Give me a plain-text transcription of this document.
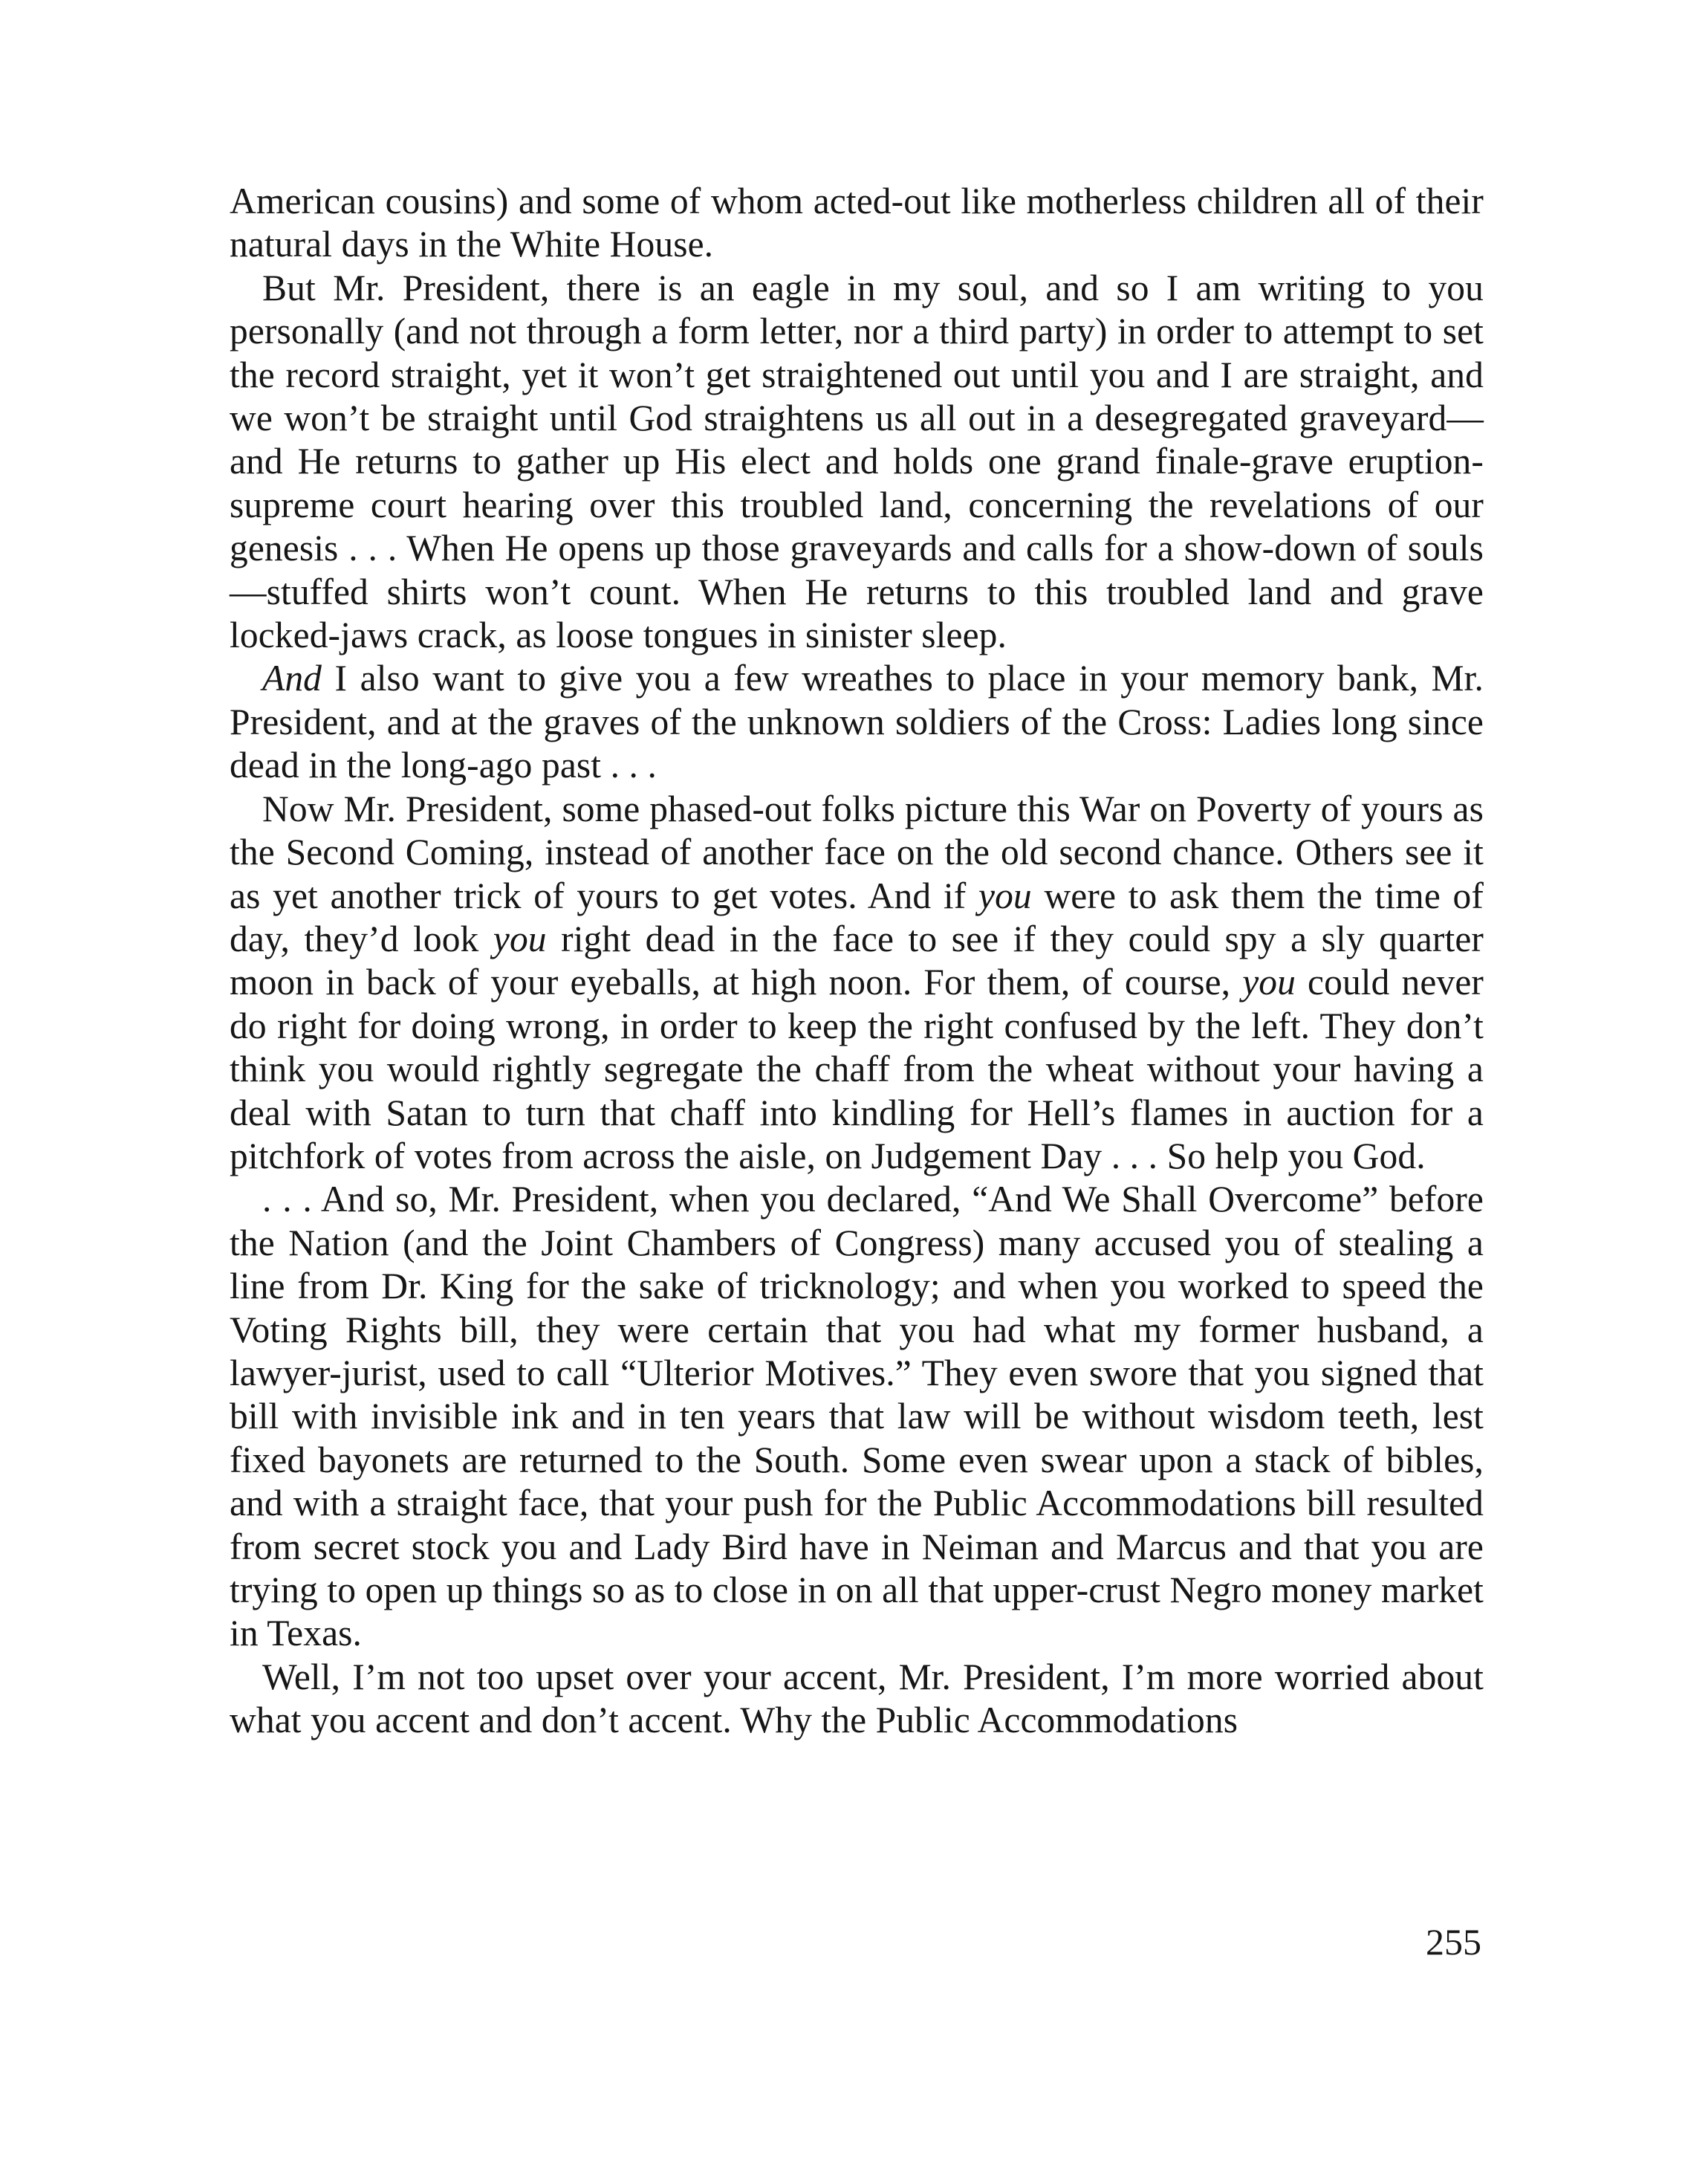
American cousins) and some of whom acted-out like motherless children all of their natural days in the White House.

But Mr. President, there is an eagle in my soul, and so I am writing to you personally (and not through a form letter, nor a third party) in order to attempt to set the record straight, yet it won’t get straightened out until you and I are straight, and we won’t be straight until God straightens us all out in a desegregated graveyard—and He returns to gather up His elect and holds one grand finale-grave eruption-supreme court hearing over this troubled land, concerning the revelations of our genesis . . . When He opens up those graveyards and calls for a show-down of souls—stuffed shirts won’t count. When He returns to this troubled land and grave locked-jaws crack, as loose tongues in sinister sleep.

And I also want to give you a few wreathes to place in your memory bank, Mr. President, and at the graves of the unknown soldiers of the Cross: Ladies long since dead in the long-ago past . . .

Now Mr. President, some phased-out folks picture this War on Poverty of yours as the Second Coming, instead of another face on the old second chance. Others see it as yet another trick of yours to get votes. And if you were to ask them the time of day, they’d look you right dead in the face to see if they could spy a sly quarter moon in back of your eyeballs, at high noon. For them, of course, you could never do right for doing wrong, in order to keep the right confused by the left. They don’t think you would rightly segregate the chaff from the wheat without your having a deal with Satan to turn that chaff into kindling for Hell’s flames in auction for a pitchfork of votes from across the aisle, on Judgement Day . . . So help you God.

. . . And so, Mr. President, when you declared, “And We Shall Overcome” before the Nation (and the Joint Chambers of Congress) many accused you of stealing a line from Dr. King for the sake of tricknology; and when you worked to speed the Voting Rights bill, they were certain that you had what my former husband, a lawyer-jurist, used to call “Ulterior Motives.” They even swore that you signed that bill with invisible ink and in ten years that law will be without wisdom teeth, lest fixed bayonets are returned to the South. Some even swear upon a stack of bibles, and with a straight face, that your push for the Public Accommodations bill resulted from secret stock you and Lady Bird have in Neiman and Marcus and that you are trying to open up things so as to close in on all that upper-crust Negro money market in Texas.

Well, I’m not too upset over your accent, Mr. President, I’m more worried about what you accent and don’t accent. Why the Public Accommodations

255
